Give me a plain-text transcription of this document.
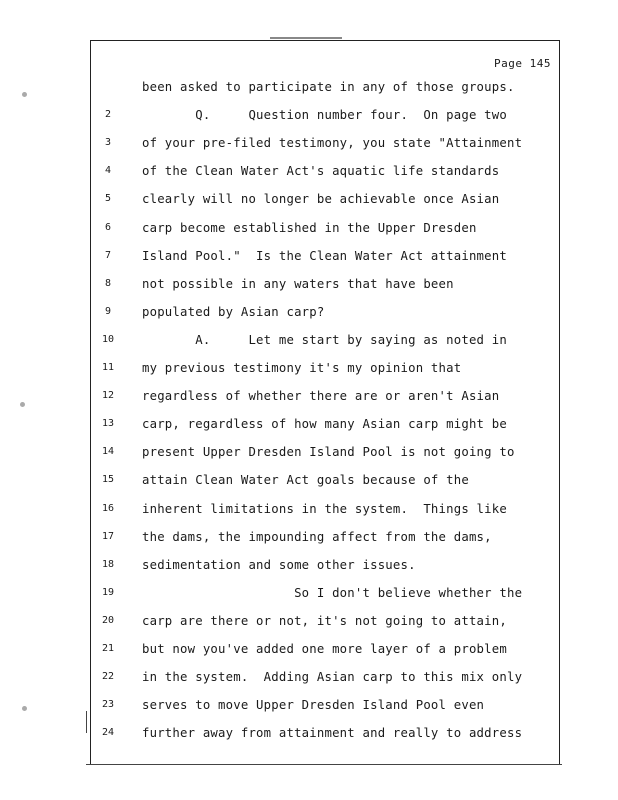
Page 145
been asked to participate in any of those groups.
2	Q.     Question number four.  On page two
3	of your pre-filed testimony, you state "Attainment
4	of the Clean Water Act's aquatic life standards
5	clearly will no longer be achievable once Asian
6	carp become established in the Upper Dresden
7	Island Pool."  Is the Clean Water Act attainment
8	not possible in any waters that have been
9	populated by Asian carp?
10	A.     Let me start by saying as noted in
11	my previous testimony it's my opinion that
12	regardless of whether there are or aren't Asian
13	carp, regardless of how many Asian carp might be
14	present Upper Dresden Island Pool is not going to
15	attain Clean Water Act goals because of the
16	inherent limitations in the system.  Things like
17	the dams, the impounding affect from the dams,
18	sedimentation and some other issues.
19	So I don't believe whether the
20	carp are there or not, it's not going to attain,
21	but now you've added one more layer of a problem
22	in the system.  Adding Asian carp to this mix only
23	serves to move Upper Dresden Island Pool even
24	further away from attainment and really to address
